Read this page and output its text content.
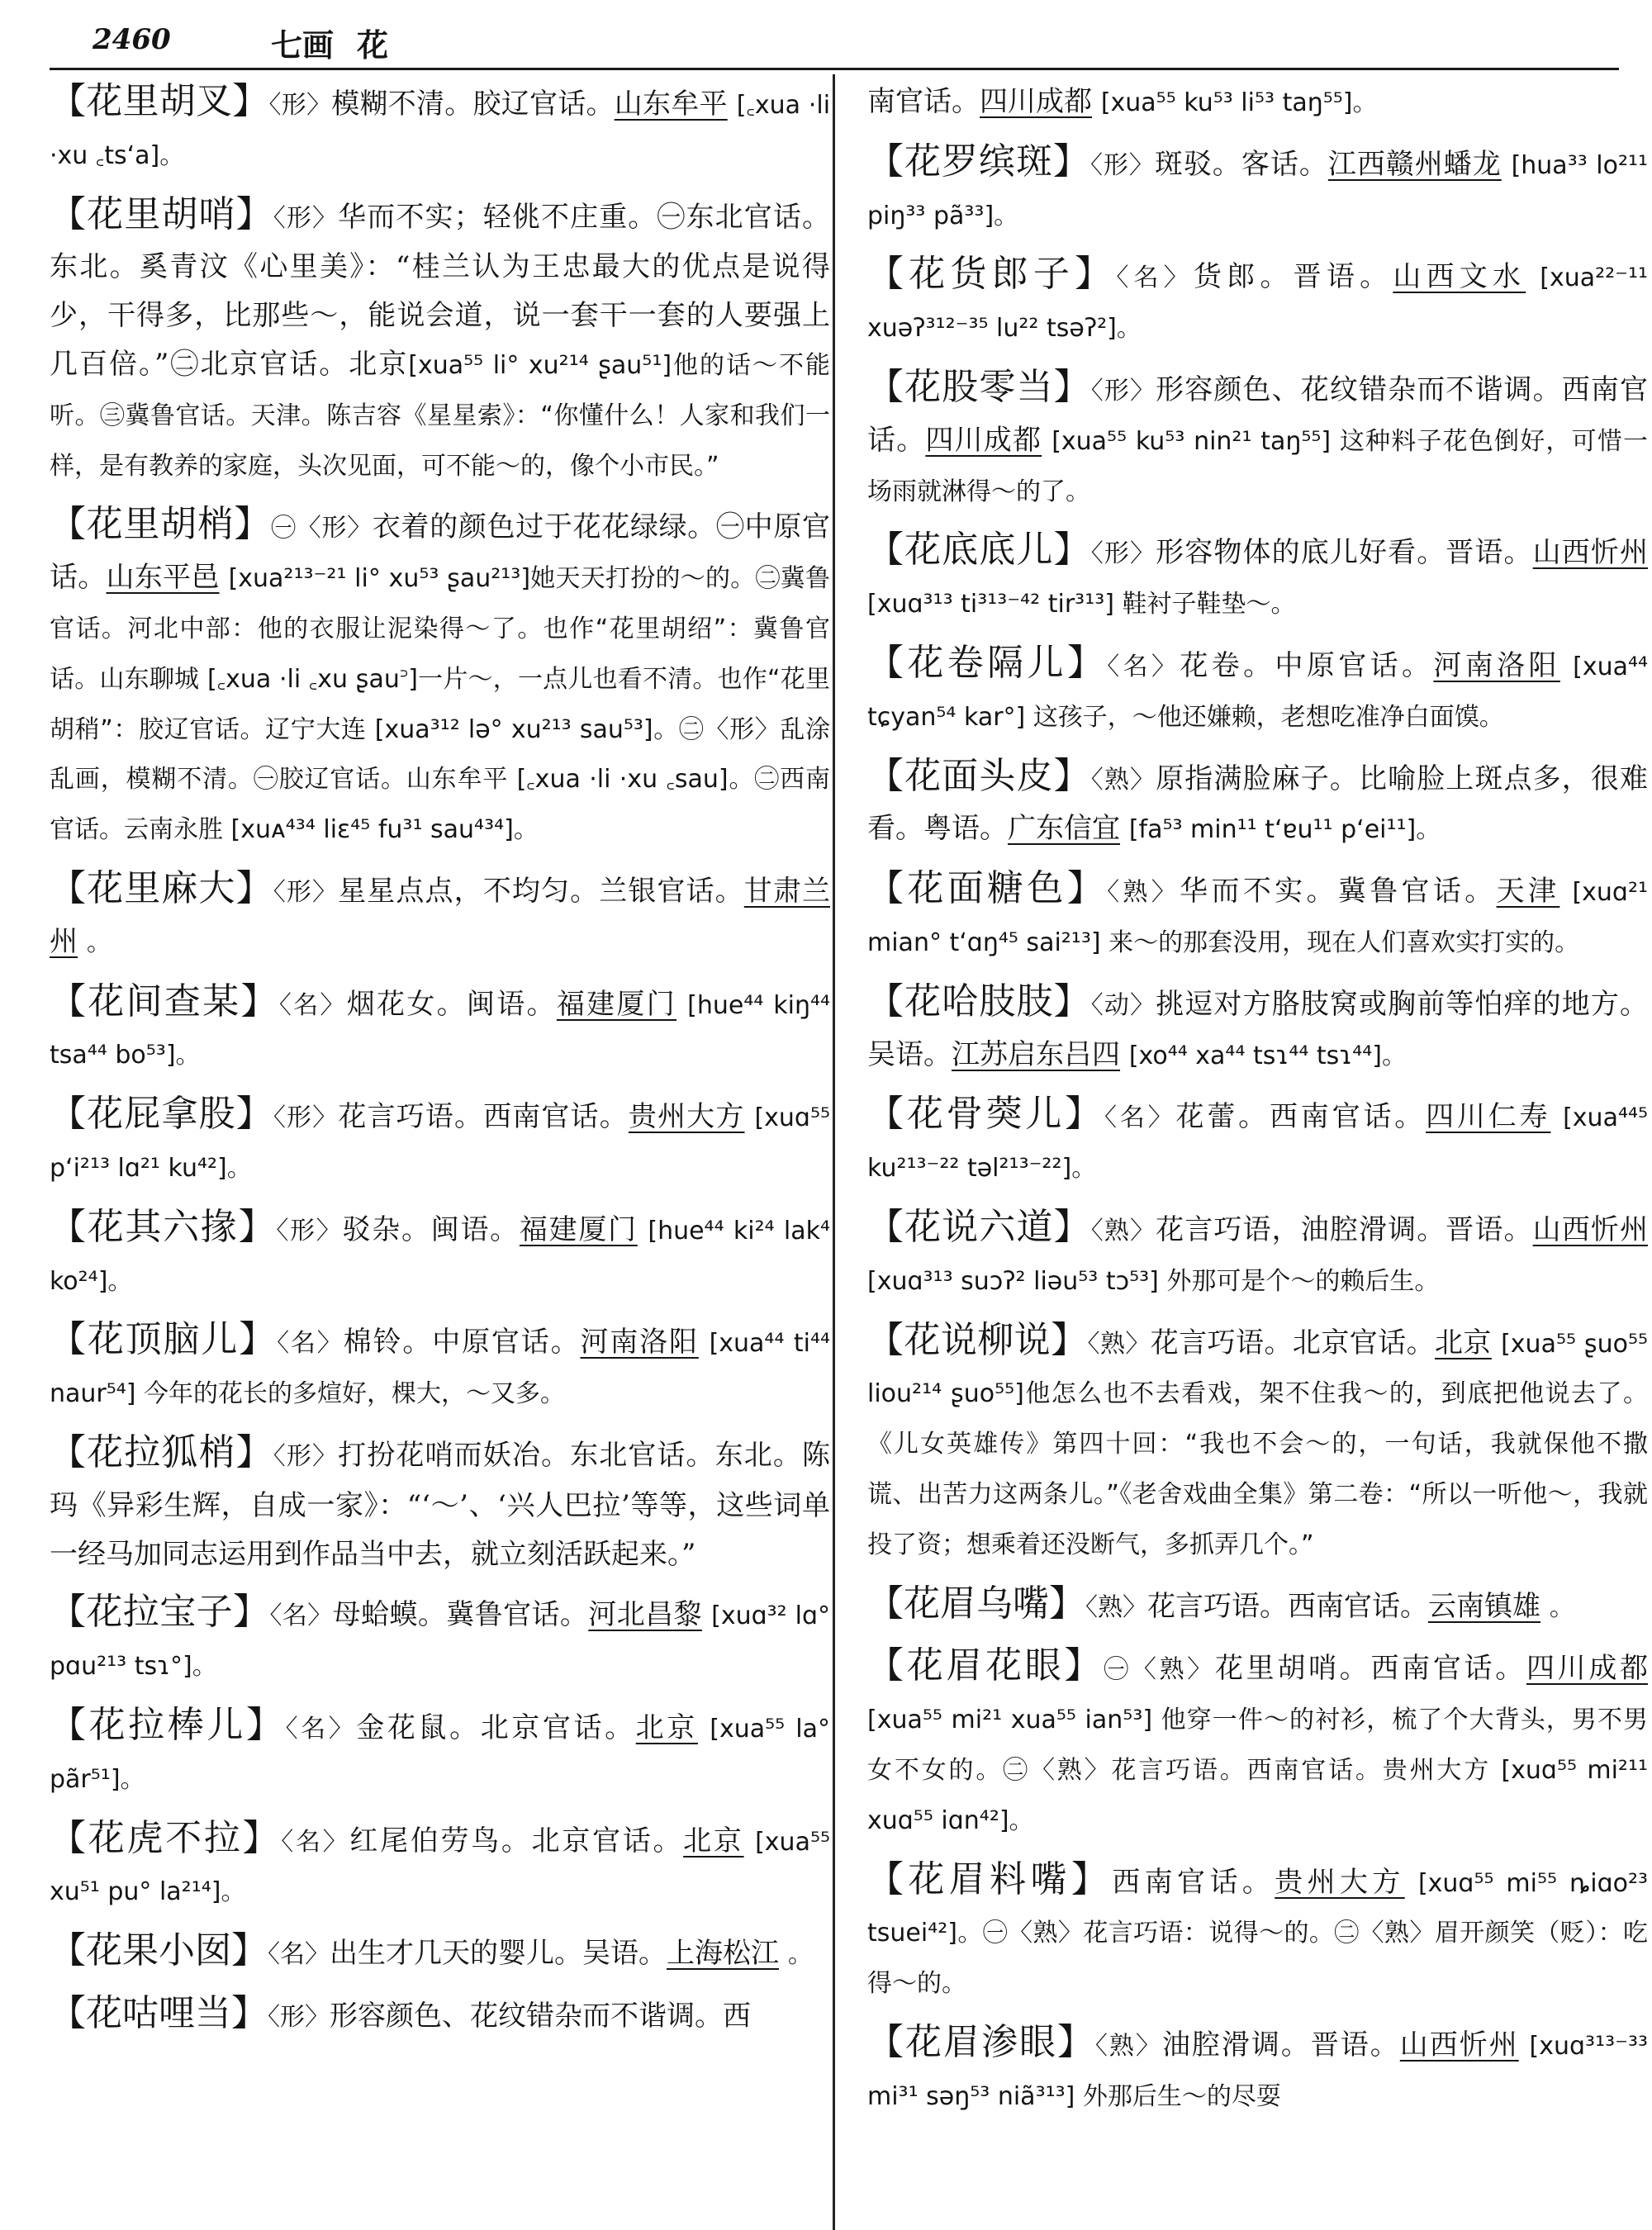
2460	七画 花
【花里胡叉】〈形〉模糊不清。胶辽官话。山东牟平 [꜀xua ·li ·xu ꜀tsʻa]。
【花里胡哨】〈形〉华而不实；轻佻不庄重。㊀东北官话。东北。奚青汶《心里美》：“桂兰认为王忠最大的优点是说得少，干得多，比那些～，能说会道，说一套干一套的人要强上几百倍。”㊁北京官话。北京[xua⁵⁵ li° xu²¹⁴ ʂau⁵¹]他的话～不能听。㊂冀鲁官话。天津。陈吉容《星星索》：“你懂什么！人家和我们一样，是有教养的家庭，头次见面，可不能～的，像个小市民。”
【花里胡梢】㊀〈形〉衣着的颜色过于花花绿绿。㊀中原官话。山东平邑 [xua²¹³⁻²¹ li° xu⁵³ ʂau²¹³]她天天打扮的～的。㊁冀鲁官话。河北中部：他的衣服让泥染得～了。也作“花里胡绍”：冀鲁官话。山东聊城 [꜀xua ·li ꜀xu ʂau꜄]一片～，一点儿也看不清。也作“花里胡稍”：胶辽官话。辽宁大连 [xua³¹² lə° xu²¹³ sau⁵³]。㊁〈形〉乱涂乱画，模糊不清。㊀胶辽官话。山东牟平 [꜀xua ·li ·xu ꜀sau]。㊁西南官话。云南永胜 [xuᴀ⁴³⁴ liɛ⁴⁵ fu³¹ sau⁴³⁴]。
【花里麻大】〈形〉星星点点，不均匀。兰银官话。甘肃兰州 。
【花间查某】〈名〉烟花女。闽语。福建厦门 [hue⁴⁴ kiŋ⁴⁴ tsa⁴⁴ bo⁵³]。
【花屁拿股】〈形〉花言巧语。西南官话。贵州大方 [xuɑ⁵⁵ pʻi²¹³ lɑ²¹ ku⁴²]。
【花其六掾】〈形〉驳杂。闽语。福建厦门 [hue⁴⁴ ki²⁴ lak⁴ ko²⁴]。
【花顶脑儿】〈名〉棉铃。中原官话。河南洛阳 [xua⁴⁴ ti⁴⁴ naur⁵⁴] 今年的花长的多煊好，棵大，～又多。
【花拉狐梢】〈形〉打扮花哨而妖冶。东北官话。东北。陈玛《异彩生辉，自成一家》：“‘～’、‘兴人巴拉’等等，这些词单一经马加同志运用到作品当中去，就立刻活跃起来。”
【花拉宝子】〈名〉母蛤蟆。冀鲁官话。河北昌黎 [xuɑ³² lɑ° pɑu²¹³ tsɿ°]。
【花拉棒儿】〈名〉金花鼠。北京官话。北京 [xua⁵⁵ la° pãr⁵¹]。
【花虎不拉】〈名〉红尾伯劳鸟。北京官话。北京 [xua⁵⁵ xu⁵¹ pu° la²¹⁴]。
【花果小囡】〈名〉出生才几天的婴儿。吴语。上海松江 。
【花咕哩当】〈形〉形容颜色、花纹错杂而不谐调。西
南官话。四川成都 [xua⁵⁵ ku⁵³ li⁵³ taŋ⁵⁵]。
【花罗缤斑】〈形〉斑驳。客话。江西赣州蟠龙 [hua³³ lo²¹¹ piŋ³³ pã³³]。
【花货郎子】〈名〉货郎。晋语。山西文水 [xua²²⁻¹¹ xuəʔ³¹²⁻³⁵ lu²² tsəʔ²]。
【花股零当】〈形〉形容颜色、花纹错杂而不谐调。西南官话。四川成都 [xua⁵⁵ ku⁵³ nin²¹ taŋ⁵⁵] 这种料子花色倒好，可惜一场雨就淋得～的了。
【花底底儿】〈形〉形容物体的底儿好看。晋语。山西忻州 [xuɑ³¹³ ti³¹³⁻⁴² tir³¹³] 鞋衬子鞋垫～。
【花卷隔儿】〈名〉花卷。中原官话。河南洛阳 [xua⁴⁴ tɕyan⁵⁴ kar°] 这孩子，～他还嫌赖，老想吃准净白面馍。
【花面头皮】〈熟〉原指满脸麻子。比喻脸上斑点多，很难看。粤语。广东信宜 [fa⁵³ min¹¹ tʻɐu¹¹ pʻei¹¹]。
【花面糖色】〈熟〉华而不实。冀鲁官话。天津 [xuɑ²¹ mian° tʻɑŋ⁴⁵ sai²¹³] 来～的那套没用，现在人们喜欢实打实的。
【花哈肢肢】〈动〉挑逗对方胳肢窝或胸前等怕痒的地方。吴语。江苏启东吕四 [xo⁴⁴ xa⁴⁴ tsɿ⁴⁴ tsɿ⁴⁴]。
【花骨葖儿】〈名〉花蕾。西南官话。四川仁寿 [xua⁴⁴⁵ ku²¹³⁻²² təl²¹³⁻²²]。
【花说六道】〈熟〉花言巧语，油腔滑调。晋语。山西忻州 [xuɑ³¹³ suɔʔ² liəu⁵³ tɔ⁵³] 外那可是个～的赖后生。
【花说柳说】〈熟〉花言巧语。北京官话。北京 [xua⁵⁵ ʂuo⁵⁵ liou²¹⁴ ʂuo⁵⁵]他怎么也不去看戏，架不住我～的，到底把他说去了。《儿女英雄传》第四十回：“我也不会～的，一句话，我就保他不撒谎、出苦力这两条儿。”《老舍戏曲全集》第二卷：“所以一听他～，我就投了资；想乘着还没断气，多抓弄几个。”
【花眉乌嘴】〈熟〉花言巧语。西南官话。云南镇雄 。
【花眉花眼】㊀〈熟〉花里胡哨。西南官话。四川成都 [xua⁵⁵ mi²¹ xua⁵⁵ ian⁵³] 他穿一件～的衬衫，梳了个大背头，男不男女不女的。㊁〈熟〉花言巧语。西南官话。贵州大方 [xuɑ⁵⁵ mi²¹¹ xuɑ⁵⁵ iɑn⁴²]。
【花眉料嘴】西南官话。贵州大方 [xuɑ⁵⁵ mi⁵⁵ ȵiɑo²³ tsuei⁴²]。㊀〈熟〉花言巧语：说得～的。㊁〈熟〉眉开颜笑（贬）：吃得～的。
【花眉渗眼】〈熟〉油腔滑调。晋语。山西忻州 [xuɑ³¹³⁻³³ mi³¹ səŋ⁵³ niã³¹³] 外那后生～的尽耍
